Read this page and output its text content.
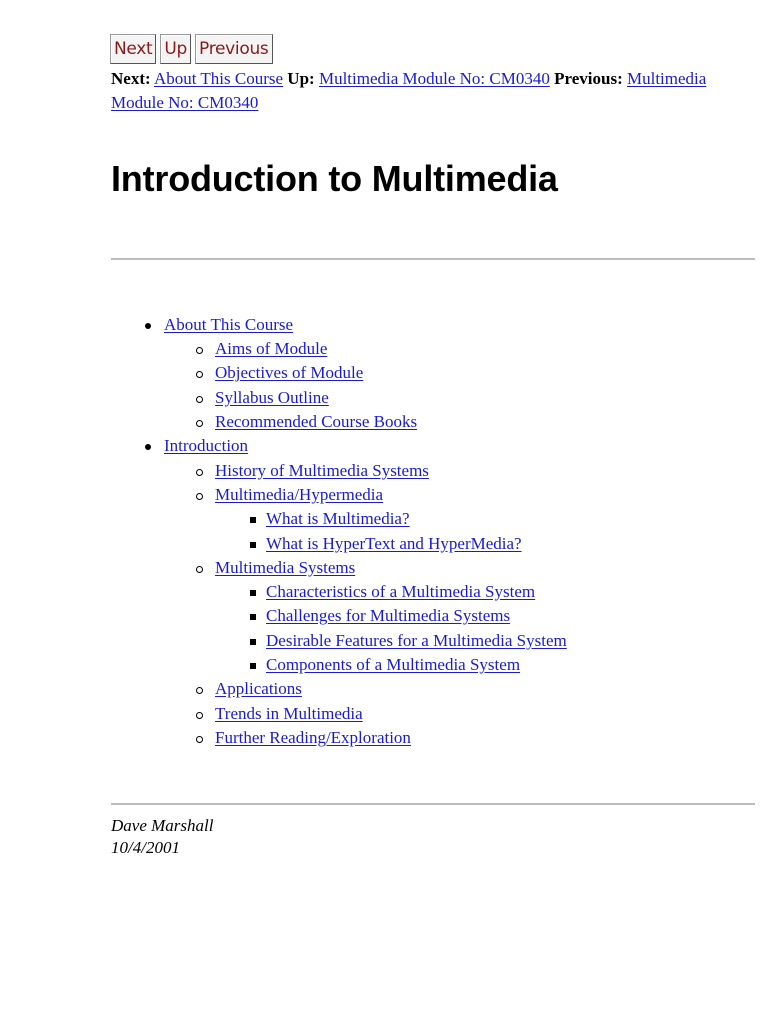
Next Up Previous
Next: About This Course Up: Multimedia Module No: CM0340 Previous: Multimedia Module No: CM0340
Introduction to Multimedia
About This Course
Aims of Module
Objectives of Module
Syllabus Outline
Recommended Course Books
Introduction
History of Multimedia Systems
Multimedia/Hypermedia
What is Multimedia?
What is HyperText and HyperMedia?
Multimedia Systems
Characteristics of a Multimedia System
Challenges for Multimedia Systems
Desirable Features for a Multimedia System
Components of a Multimedia System
Applications
Trends in Multimedia
Further Reading/Exploration
Dave Marshall
10/4/2001
